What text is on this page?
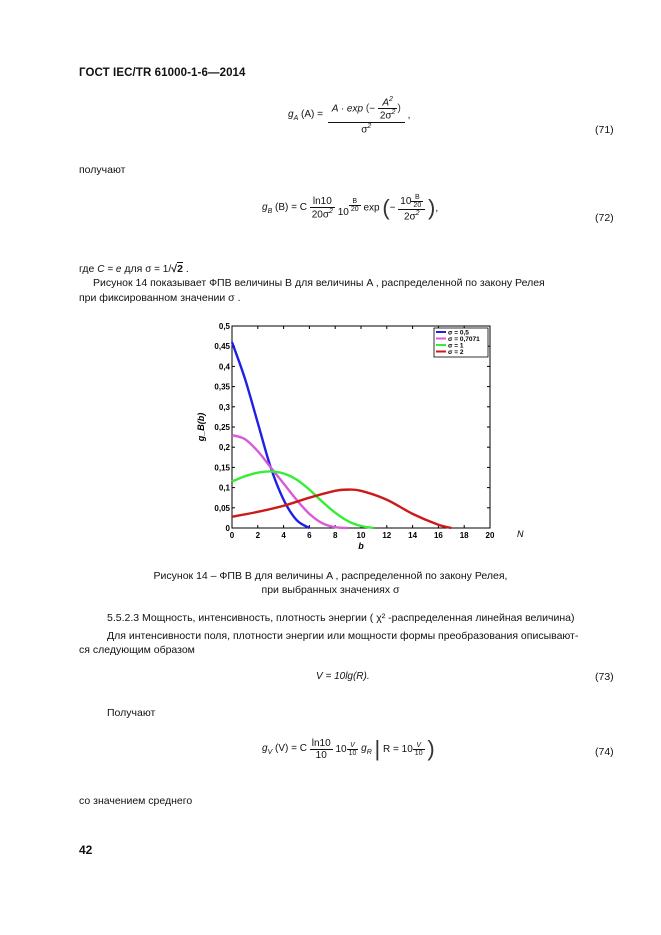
ГОСТ IEC/TR 61000-1-6—2014
$g_A$ $(A) = \frac{A \cdot \exp (- \frac{A^2}{2\sigma^2} )}{\sigma^2}$ ,
(71)
получают
$g_B$ (B) = C $\frac{\ln 10}{20\sigma^2} 10$ $^{\frac{B}{20}}$ exp (− $\frac{10 \frac{B}{20}}{2\sigma^2}$ ),
(72)
где C = e для σ = 1/√2 .
Рисунок 14 показывает ФПВ величины B для величины A , распределенной по закону Релея
при фиксированном значении σ .
0	2	4	6	8 10 12 14 16 18 20
0
0,05
0,1
0,15
0,2
0,25
0,3
0,35
0,4
0,45
0,5
b
g_B(b)
N
σ = 0,5
σ = 0,7071
σ = 1
σ = 2
Рисунок 14 – ФПВ B для величины A , распределенной по закону Релея,
при выбранных значениях σ
5.5.2.3 Мощность, интенсивность, плотность энергии ( χ² -распределенная линейная величина)
Для интенсивности поля, плотности энергии или мощности формы преобразования описывают-
ся следующим образом
V = 10lg(R).	(73)
Получают
$g_V$ (V) = C $\frac{\ln 10}{10} 10 \frac{V}{10} g_R$ | $R = 10 \frac{V}{10}$ )	(74)
со значением среднего
42
